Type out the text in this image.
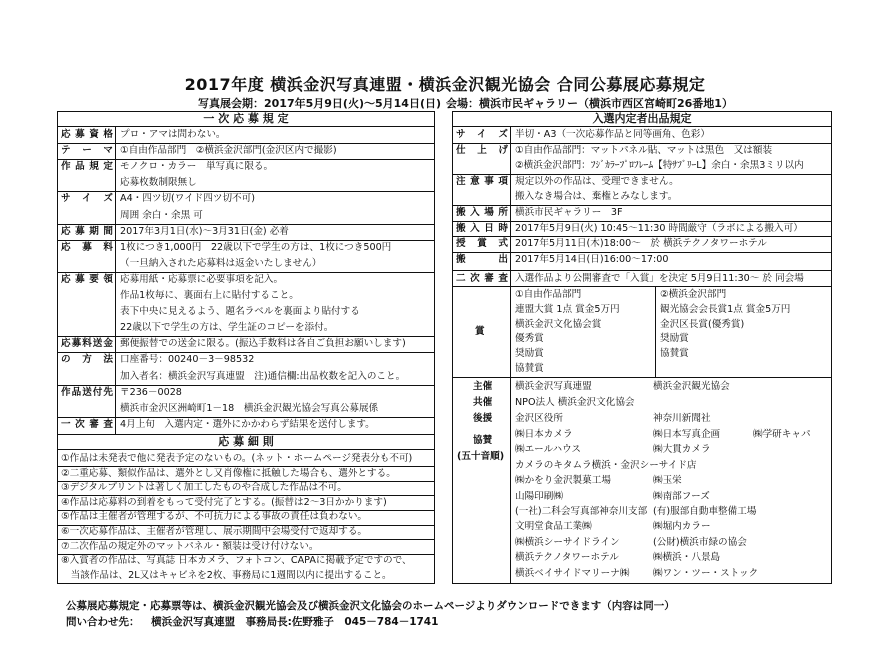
2017年度 横浜金沢写真連盟・横浜金沢観光協会 合同公募展応募規定
写真展会期：2017年5月9日(火)～5月14日(日) 会場：横浜市民ギャラリー（横浜市西区宮崎町26番地1）
一 次 応 募 規 定
応募資格 プロ・アマは問わない。
テーマ ①自由作品部門　②横浜金沢部門(金沢区内で撮影)
作品規定 モノクロ・カラー　単写真に限る。
応募枚数制限無し
サイズ A4・四ツ切(ワイド四ツ切不可)
周囲 余白・余黒 可
応募期間 2017年3月1日(水)～3月31日(金) 必着
応募料 1枚につき1,000円　22歳以下で学生の方は、1枚につき500円
（一旦納入された応募料は返金いたしません）
応募要領 応募用紙・応募票に必要事項を記入。
作品1枚毎に、裏面右上に貼付すること。
表下中央に見えるよう、題名ラベルを裏面より貼付する
22歳以下で学生の方は、学生証のコピーを添付。
応募料送金 郵便振替での送金に限る。(振込手数料は各自ご負担お願いします)
の方法 口座番号：00240－3－98532
加入者名：横浜金沢写真連盟　注)通信欄:出品枚数を記入のこと。
作品送付先 〒236－0028
横浜市金沢区洲崎町1－18　横浜金沢観光協会写真公募展係
一次審査 4月上旬　入選内定・選外にかかわらず結果を送付します。
応 募 細 則
①作品は未発表で他に発表予定のないもの。(ネット・ホームページ発表分も不可)
②二重応募、類似作品は、選外とし又肖像権に抵触した場合も、選外とする。
③デジタルプリントは著しく加工したものや合成した作品は不可。
④作品は応募料の到着をもって受付完了とする。(振替は2～3日かかります)
⑤作品は主催者が管理するが、不可抗力による事故の責任は負わない。
⑥一次応募作品は、主催者が管理し、展示期間中会場受付で返却する。
⑦二次作品の規定外のマットパネル・額装は受け付けない。
⑧入賞者の作品は、写真誌 日本カメラ、フォトコン、CAPAに掲載予定ですので、
　当該作品は、2L又はキャビネを2枚、事務局に1週間以内に提出すること。
入選内定者出品規定
サイズ 半切・A3（一次応募作品と同等画角、色彩）
仕上げ ①自由作品部門：マットパネル貼、マットは黒色　又は額装
②横浜金沢部門：ﾌｼﾞｶﾗｰﾌﾟﾛﾌﾚｰﾑ【特ｻﾌﾞﾘｰL】余白・余黒3ミリ以内
注意事項 規定以外の作品は、受理できません。
搬入なき場合は、棄権とみなします。
搬入場所 横浜市民ギャラリー　3F
搬入日時 2017年5月9日(火) 10:45～11:30 時間厳守（ラボによる搬入可）
授賞式 2017年5月11日(木)18:00～　於 横浜テクノタワーホテル
搬出 2017年5月14日(日)16:00～17:00
二次審査 入選作品より公開審査で「入賞」を決定 5月9日11:30～ 於 同会場
賞
①自由作品部門	②横浜金沢部門
連盟大賞 1点 賞金5万円	観光協会会長賞1点 賞金5万円
横浜金沢文化協会賞	金沢区長賞(優秀賞)
優秀賞	奨励賞
奨励賞	協賛賞
協賛賞
主催 横浜金沢写真連盟	横浜金沢観光協会
共催 NPO法人 横浜金沢文化協会
後援 金沢区役所	神奈川新聞社
協賛
(五十音順)
㈱日本カメラ	㈱日本写真企画	㈱学研キャパ
㈱エールハウス	㈱大貫カメラ
カメラのキタムラ横浜・金沢シーサイド店
㈱かをり金沢製菓工場	㈱玉栄
山陽印刷㈱	㈱南部フーズ
(一社)二科会写真部神奈川支部 (有)服部自動車整備工場
文明堂食品工業㈱	㈱堀内カラー
㈱横浜シーサイドライン	(公財)横浜市緑の協会
横浜テクノタワーホテル	㈱横浜・八景島
横浜ベイサイドマリーナ㈱ ㈱ワン・ツー・ストック
公募展応募規定・応募票等は、横浜金沢観光協会及び横浜金沢文化協会のホームページよりダウンロードできます（内容は同一）
問い合わせ先： 横浜金沢写真連盟　事務局長:佐野雅子　045－784－1741
